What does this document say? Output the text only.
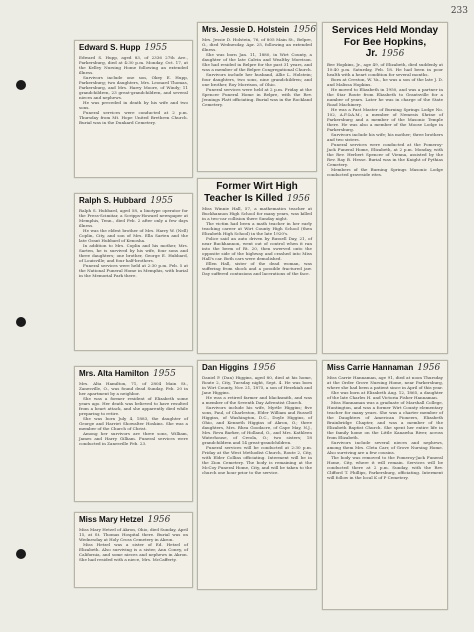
233
Edward S. Hupp 1955

Edward S. Hupp, aged 83, of 2336 27th Ave., Parkersburg, died at 4:30 p.m. Monday, Oct. 17, at the Kelley Nursing Home following an extended illness.

Survivors include one son, Okey E. Hupp, Parkersburg; two daughters, Mrs. Leonard Thomas, Parkersburg, and Mrs. Harry Moore, of Windy; 11 grandchildren, 23 great-grandchildren, and several nieces and nephews.

He was preceded in death by his wife and two sons.

Funeral services were conducted at 2 p.m. Thursday from Mt. Hope United Brethren Church. Burial was in the Dunkard Cemetery.

Ralph S. Hubbard 1955

Ralph S. Hubbard, aged 58, a linotype operator for the Press-Scimitar, a Scripps-Howard newspaper at Memphis, Tenn., died Feb. 2 after only a few days illness.

He was the eldest brother of Mrs. Harry W. (Nell) Coplin, City, and son of Mrs. Ella Sarten and the late Grant Hubbard of Kenosha.

In addition to Mrs. Coplin and his mother, Mrs. Sarten, he is survived by his wife, four sons and three daughters; one brother, George E. Hubbard, of Louisville; and four half-brothers.

Funeral services were held at 2:30 p.m. Feb. 5 at the National Funeral Home in Memphis, with burial in the Memorial Park there.

Mrs. Alta Hamilton 1955

Mrs. Alta Hamilton, 71, of 2804 Main St., Zanesville, O., was found dead Sunday, Feb. 20 in her apartment by a neighbor.

She was a former resident of Elizabeth some years ago. Her death was believed to have resulted from a heart attack, and she apparently died while preparing to retire.

She was born July 4, 1883, the daughter of George and Harriet Showalter Hoskins. She was a member of the Church of Christ.

Among her survivors are three sons, William, James and Harry Gilliam. Funeral services were conducted in Zanesville Feb. 23.

Miss Mary Hetzel 1956

Miss Mary Hetzel of Akron, Ohio, died Sunday, April 15, at St. Thomas Hospital there. Burial was on Wednesday at Holy Cross Cemetery in Akron.

Miss Hetzel was a sister of Ed. Hetzel of Elizabeth. Also surviving is a sister, Ann Coney, of California, and some nieces and nephews in Akron. She had resided with a niece, Mrs. McCafferty.

Mrs. Jessie D. Holstein 1956

Mrs. Jessie D. Holstein, 76, of 805 Main St., Belpre, O., died Wednesday, Apr. 25, following an extended illness.

She was born Jan. 11, 1880, in Wirt County, a daughter of the late Calvin and Wealthy Morrison. She had resided in Belpre for the past 31 years, and was a member of the Belpre Congregational Church.

Survivors include her husband, Allie L. Holstein; four daughters, two sons, nine grandchildren; and one brother, Roy Morrison, of Ohio.

Funeral services were held at 2 p.m. Friday at the Spencer Funeral Home in Belpre, with the Rev. Jennings Platt officiating. Burial was in the Rockland Cemetery.

Former Wirt High Teacher Is Killed 1956

Miss Winnie Hall, 57, a mathematics teacher at Buckhannon High School for many years, was killed in a two-car collision there Sunday night.

The victim had been a math teacher in her early teaching career at Wirt County High School (then Elizabeth High School) in the late 1920's.

Police said an auto driven by Russell Day, 21, of near Buckhannon, went out of control when it ran into the berm of Rt. 20, then swerved onto the opposite side of the highway and crashed into Miss Hall's car. Both cars were demolished.

Ellen Hall, sister of the dead woman, was suffering from shock and a possible fractured jaw. Day suffered contusions and lacerations of the face.

Dan Higgins 1956

Daniel P. (Dan) Higgins, aged 80, died at his home, Route 2, City, Tuesday night, Sept. 4. He was born in Wirt County, Nov. 21, 1875, a son of Hezekiah and Jane Higgins.

He was a retired farmer and blacksmith, and was a member of the Seventh Day Adventist Church.

Survivors include his wife, Myrtle Higgins; five sons, Paul, of Charleston, Elder William and Russell Higgins, of Washington, D.C., Doyle Higgins, of Ohio, and Kenneth Higgins of Akron, O.; three daughters, Mrs. Rhea Goodacre, of Cape May, N.J., Mrs. Reva Barker, of Holland, O., and Mrs. Kathleen Waterhouse, of Creola, O.; two sisters; 18 grandchildren and 14 great-grandchildren.

Funeral services will be conducted at 2:30 p.m. Friday at the West Methodist Church, Route 2, City, with Elder Collins officiating. Interment will be in the Zion Cemetery. The body is remaining at the McCoy Funeral Home, City, and will be taken to the church one hour prior to the service.

Services Held Monday For Bee Hopkins, Jr. 1956

Bee Hopkins, Jr., age 49, of Elizabeth, died suddenly at 10:40 p.m. Saturday, Feb. 18. He had been in poor health with a heart condition for several months.

Born at Creston, W. Va., he was a son of the late J. D. and Malissa Hopkins.

He moved to Elizabeth in 1950, and was a partner in the Star Route from Elizabeth to Grantsville for a number of years. Later he was in charge of the State Road Machinery.

He was a Past Master of Burning Springs Lodge No. 102, A.F.&A.M.; a member of Nemesis Shrine of Parkersburg and a member of the Masonic Temple there. He was also a member of the Moose Lodge in Parkersburg.

Survivors include his wife; his mother; three brothers and two sisters.

Funeral services were conducted at the Pomeroy-Jack Funeral Home, Elizabeth, at 2 p.m. Monday, with the Rev. Herbert Spencer of Vienna, assisted by the Rev. Ray B. Hesse. Burial was in the Knight of Pythias Cemetery.

Members of the Burning Springs Masonic Lodge conducted graveside rites.

Miss Carrie Hannaman 1956

Miss Carrie Hannaman, age 91, died at noon Thursday at the Order Grove Nursing Home, near Parkersburg, where she had been a patient since in April of this year.

She was born at Elizabeth Aug. 12, 1865, a daughter of the late Charles H. and Victoria Fisher Hannaman.

Miss Hannaman was a graduate of Marshall College, Huntington, and was a former Wirt County elementary teacher for many years. She was a charter member of the Daughters of American Pioneers, Elizabeth Brainbridge Chapter, and was a member of the Elizabeth Baptist Church. She spent her entire life in the family home on the Little Kanawha River, across from Elizabeth.

Survivors include several nieces and nephews, among them Mrs. Cleta Carr, of Grove Nursing Home. Also surviving are a few cousins.

The body was removed to the Pomeroy-Jack Funeral Home, City, where it will remain. Services will be conducted there at 2 p.m. Sunday, with the Rev. Clifford T. Phillips, Parkersburg, officiating. Interment will follow in the local K of P Cemetery.
